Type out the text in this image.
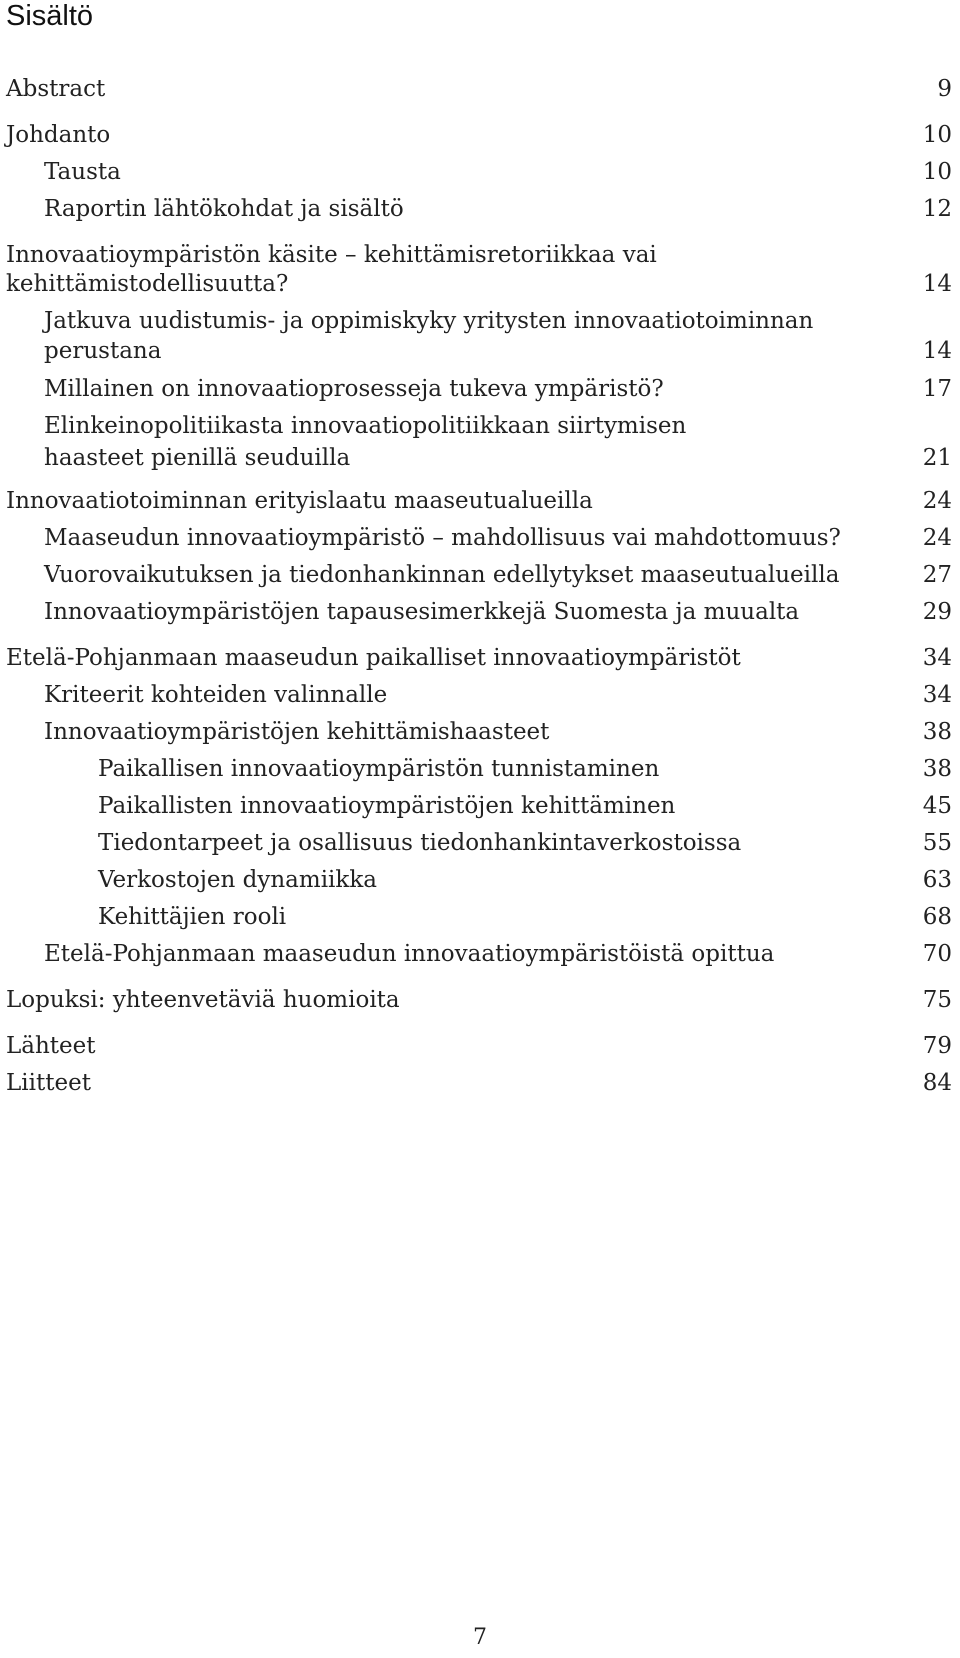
Sisältö
Abstract	9
Johdanto	10
Tausta	10
Raportin lähtökohdat ja sisältö	12
Innovaatioympäristön käsite – kehittämisretoriikkaa vai
kehittämistodellisuutta?	14
Jatkuva uudistumis- ja oppimiskyky yritysten innovaatiotoiminnan
perustana	14
Millainen on innovaatioprosesseja tukeva ympäristö?	17
Elinkeinopolitiikasta innovaatiopolitiikkaan siirtymisen
haasteet pienillä seuduilla	21
Innovaatiotoiminnan erityislaatu maaseutualueilla	24
Maaseudun innovaatioympäristö – mahdollisuus vai mahdottomuus?	24
Vuorovaikutuksen ja tiedonhankinnan edellytykset maaseutualueilla	27
Innovaatioympäristöjen tapausesimerkkejä Suomesta ja muualta	29
Etelä-Pohjanmaan maaseudun paikalliset innovaatioympäristöt	34
Kriteerit kohteiden valinnalle	34
Innovaatioympäristöjen kehittämishaasteet	38
Paikallisen innovaatioympäristön tunnistaminen	38
Paikallisten innovaatioympäristöjen kehittäminen	45
Tiedontarpeet ja osallisuus tiedonhankintaverkostoissa	55
Verkostojen dynamiikka	63
Kehittäjien rooli	68
Etelä-Pohjanmaan maaseudun innovaatioympäristöistä opittua	70
Lopuksi: yhteenvetäviä huomioita	75
Lähteet	79
Liitteet	84
7
